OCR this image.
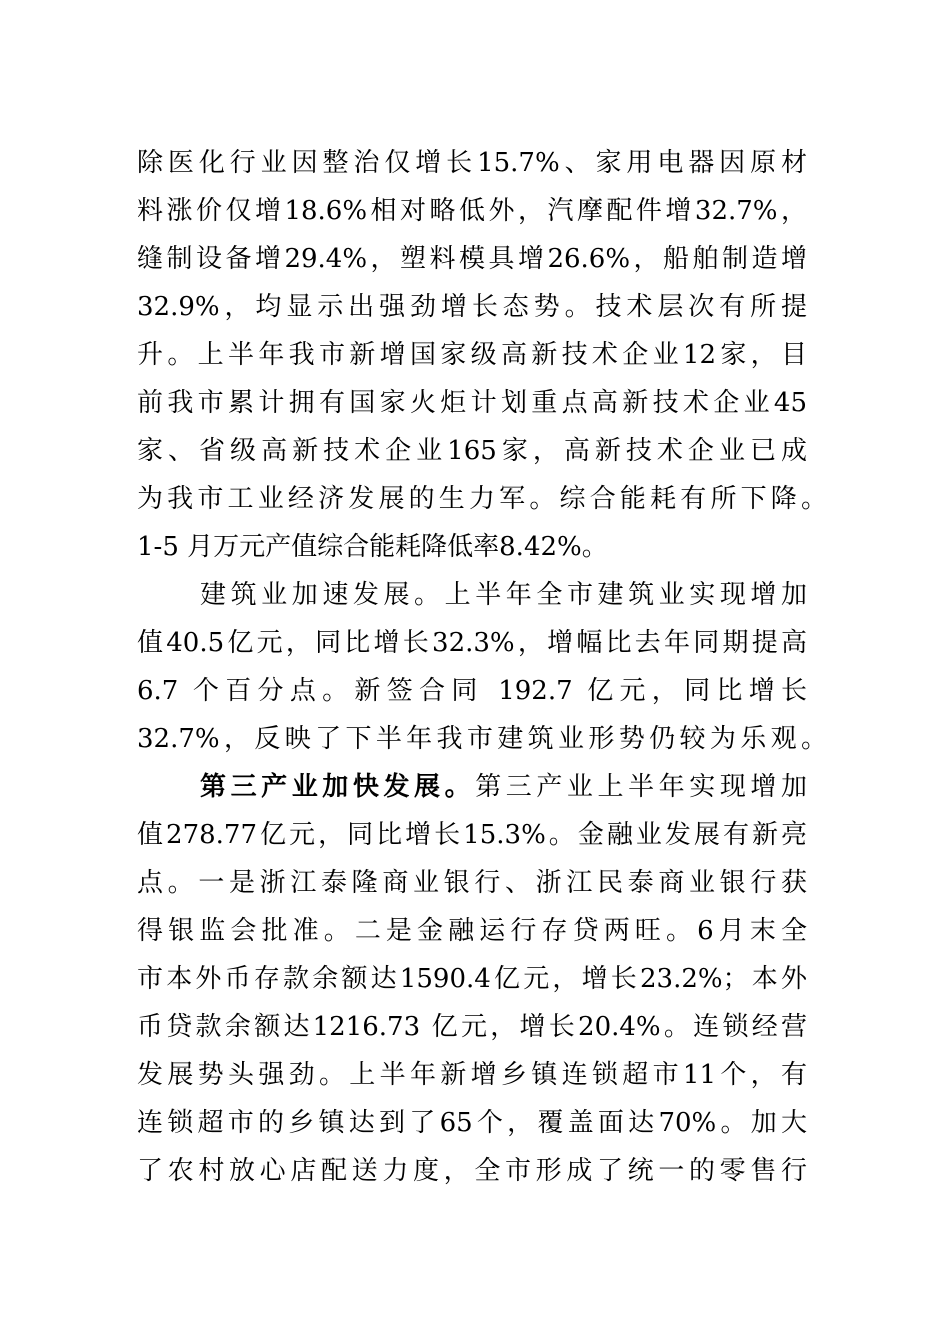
除医化行业因整治仅增长15.7%、家用电器因原材
料涨价仅增18.6%相对略低外，汽摩配件增32.7%，
缝制设备增29.4%，塑料模具增26.6%，船舶制造增
32.9%，均显示出强劲增长态势。技术层次有所提
升。上半年我市新增国家级高新技术企业12家，目
前我市累计拥有国家火炬计划重点高新技术企业45
家、省级高新技术企业165家，高新技术企业已成
为我市工业经济发展的生力军。综合能耗有所下降。
1-5 月万元产值综合能耗降低率8.42%。
建筑业加速发展。上半年全市建筑业实现增加
值40.5亿元，同比增长32.3%，增幅比去年同期提高
6.7 个百分点。新签合同 192.7 亿元，同比增长
32.7%，反映了下半年我市建筑业形势仍较为乐观。
第三产业加快发展。第三产业上半年实现增加
值278.77亿元，同比增长15.3%。金融业发展有新亮
点。一是浙江泰隆商业银行、浙江民泰商业银行获
得银监会批准。二是金融运行存贷两旺。6月末全
市本外币存款余额达1590.4亿元，增长23.2%；本外
币贷款余额达1216.73 亿元，增长20.4%。连锁经营
发展势头强劲。上半年新增乡镇连锁超市11个，有
连锁超市的乡镇达到了65个，覆盖面达70%。加大
了农村放心店配送力度，全市形成了统一的零售行
